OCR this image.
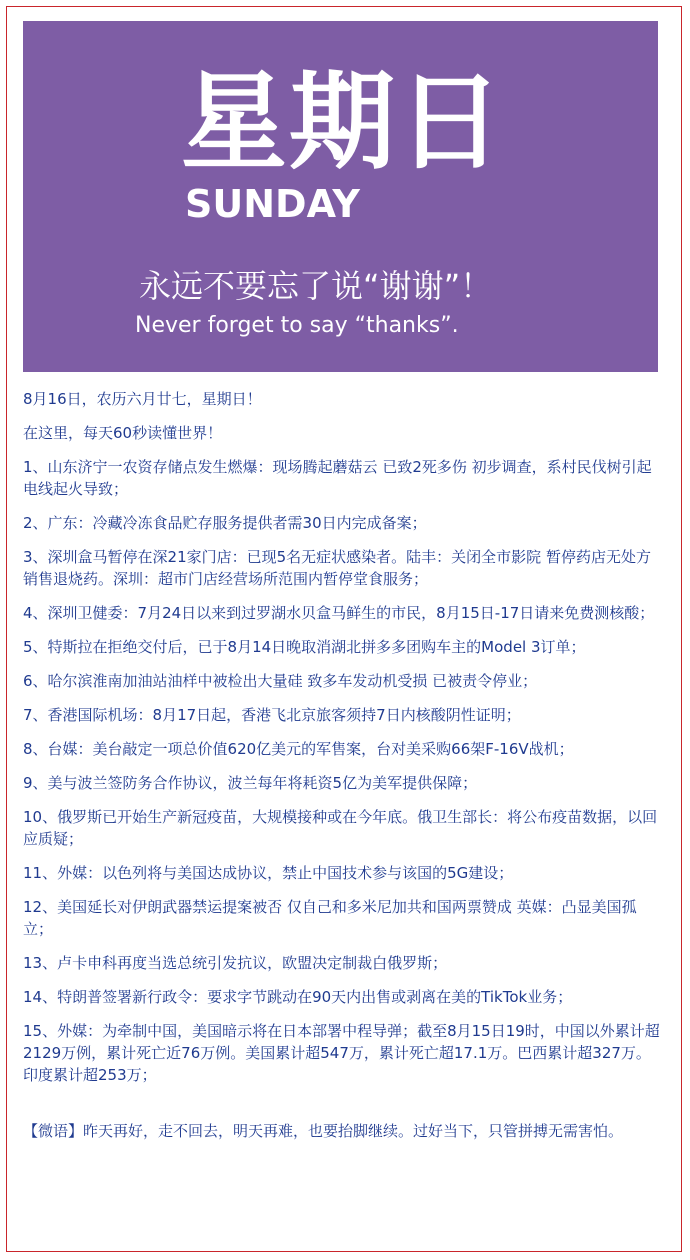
星期日
SUNDAY
永远不要忘了说“谢谢”！
Never forget to say “thanks”.

8月16日，农历六月廿七，星期日！

在这里，每天60秒读懂世界！

1、山东济宁一农资存储点发生燃爆：现场腾起蘑菇云 已致2死多伤 初步调查，系村民伐树引起电线起火导致；

2、广东：冷藏冷冻食品贮存服务提供者需30日内完成备案；

3、深圳盒马暂停在深21家门店：已现5名无症状感染者。陆丰：关闭全市影院 暂停药店无处方销售退烧药。深圳：超市门店经营场所范围内暂停堂食服务；

4、深圳卫健委：7月24日以来到过罗湖水贝盒马鲜生的市民，8月15日-17日请来免费测核酸；

5、特斯拉在拒绝交付后，已于8月14日晚取消湖北拼多多团购车主的Model 3订单；

6、哈尔滨淮南加油站油样中被检出大量硅 致多车发动机受损 已被责令停业；

7、香港国际机场：8月17日起，香港飞北京旅客须持7日内核酸阴性证明；

8、台媒：美台敲定一项总价值620亿美元的军售案，台对美采购66架F-16V战机；

9、美与波兰签防务合作协议，波兰每年将耗资5亿为美军提供保障；

10、俄罗斯已开始生产新冠疫苗，大规模接种或在今年底。俄卫生部长：将公布疫苗数据，以回应质疑；

11、外媒：以色列将与美国达成协议，禁止中国技术参与该国的5G建设；

12、美国延长对伊朗武器禁运提案被否 仅自己和多米尼加共和国两票赞成 英媒：凸显美国孤立；

13、卢卡申科再度当选总统引发抗议，欧盟决定制裁白俄罗斯；

14、特朗普签署新行政令：要求字节跳动在90天内出售或剥离在美的TikTok业务；

15、外媒：为牵制中国，美国暗示将在日本部署中程导弹；截至8月15日19时，中国以外累计超2129万例，累计死亡近76万例。美国累计超547万，累计死亡超17.1万。巴西累计超327万。印度累计超253万；

【微语】昨天再好，走不回去，明天再难，也要抬脚继续。过好当下，只管拼搏无需害怕。
